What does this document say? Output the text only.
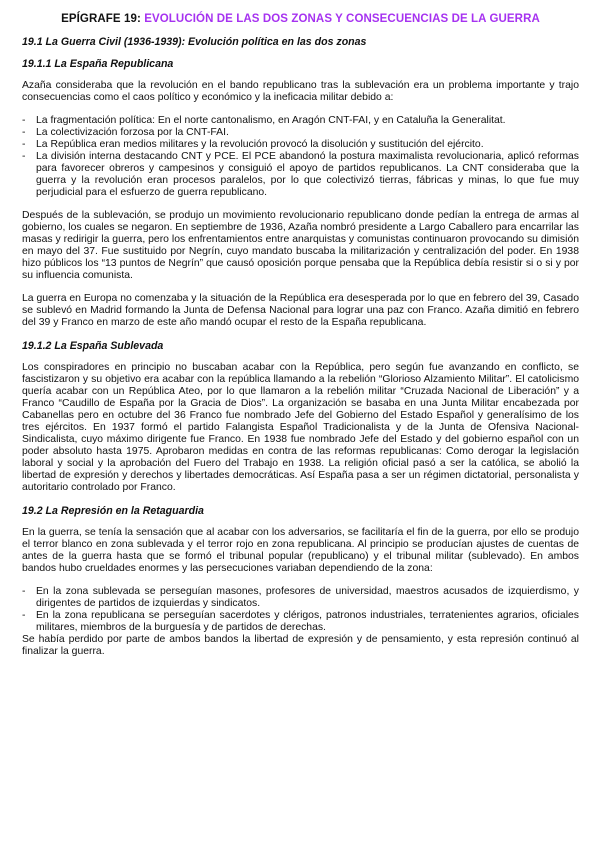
EPÍGRAFE 19: EVOLUCIÓN DE LAS DOS ZONAS Y CONSECUENCIAS DE LA GUERRA
19.1 La Guerra Civil (1936-1939): Evolución política en las dos zonas
19.1.1 La España Republicana

Azaña consideraba que la revolución en el bando republicano tras la sublevación era un problema importante y trajo consecuencias como el caos político y económico y la ineficacia militar debido a:

- La fragmentación política: En el norte cantonalismo, en Aragón CNT-FAI, y en Cataluña la Generalitat.
- La colectivización forzosa por la CNT-FAI.
- La República eran medios militares y la revolución provocó la disolución y sustitución del ejército.
- La división interna destacando CNT y PCE. El PCE abandonó la postura maximalista revolucionaria, aplicó reformas para favorecer obreros y campesinos y consiguió el apoyo de partidos republicanos. La CNT consideraba que la guerra y la revolución eran procesos paralelos, por lo que colectivizó tierras, fábricas y minas, lo que fue muy perjudicial para el esfuerzo de guerra republicano.

Después de la sublevación, se produjo un movimiento revolucionario republicano donde pedían la entrega de armas al gobierno, los cuales se negaron. En septiembre de 1936, Azaña nombró presidente a Largo Caballero para encarrilar las masas y redirigir la guerra, pero los enfrentamientos entre anarquistas y comunistas continuaron provocando su dimisión en mayo del 37. Fue sustituido por Negrín, cuyo mandato buscaba la militarización y centralización del poder. En 1938 hizo públicos los “13 puntos de Negrín” que causó oposición porque pensaba que la República debía resistir si o si y por su influencia comunista.

La guerra en Europa no comenzaba y la situación de la República era desesperada por lo que en febrero del 39, Casado se sublevó en Madrid formando la Junta de Defensa Nacional para lograr una paz con Franco. Azaña dimitió en febrero del 39 y Franco en marzo de este año mandó ocupar el resto de la España republicana.

19.1.2 La España Sublevada

Los conspiradores en principio no buscaban acabar con la República, pero según fue avanzando en conflicto, se fascistizaron y su objetivo era acabar con la república llamando a la rebelión “Glorioso Alzamiento Militar”. El catolicismo quería acabar con un República Ateo, por lo que llamaron a la rebelión militar “Cruzada Nacional de Liberación” y a Franco “Caudillo de España por la Gracia de Dios”. La organización se basaba en una Junta Militar encabezada por Cabanellas pero en octubre del 36 Franco fue nombrado Jefe del Gobierno del Estado Español y generalísimo de los tres ejércitos. En 1937 formó el partido Falangista Español Tradicionalista y de la Junta de Ofensiva Nacional-Sindicalista, cuyo máximo dirigente fue Franco. En 1938 fue nombrado Jefe del Estado y del gobierno español con un poder absoluto hasta 1975. Aprobaron medidas en contra de las reformas republicanas: Como derogar la legislación laboral y social y la aprobación del Fuero del Trabajo en 1938. La religión oficial pasó a ser la católica, se abolió la libertad de expresión y derechos y libertades democráticas. Así España pasa a ser un régimen dictatorial, personalista y autoritario controlado por Franco.

19.2 La Represión en la Retaguardia

En la guerra, se tenía la sensación que al acabar con los adversarios, se facilitaría el fin de la guerra, por ello se produjo el terror blanco en zona sublevada y el terror rojo en zona republicana. Al principio se producían ajustes de cuentas de antes de la guerra hasta que se formó el tribunal popular (republicano) y el tribunal militar (sublevado). En ambos bandos hubo crueldades enormes y las persecuciones variaban dependiendo de la zona:

- En la zona sublevada se perseguían masones, profesores de universidad, maestros acusados de izquierdismo, y dirigentes de partidos de izquierdas y sindicatos.
- En la zona republicana se perseguían sacerdotes y clérigos, patronos industriales, terratenientes agrarios, oficiales militares, miembros de la burguesía y de partidos de derechas.

Se había perdido por parte de ambos bandos la libertad de expresión y de pensamiento, y esta represión continuó al finalizar la guerra.
